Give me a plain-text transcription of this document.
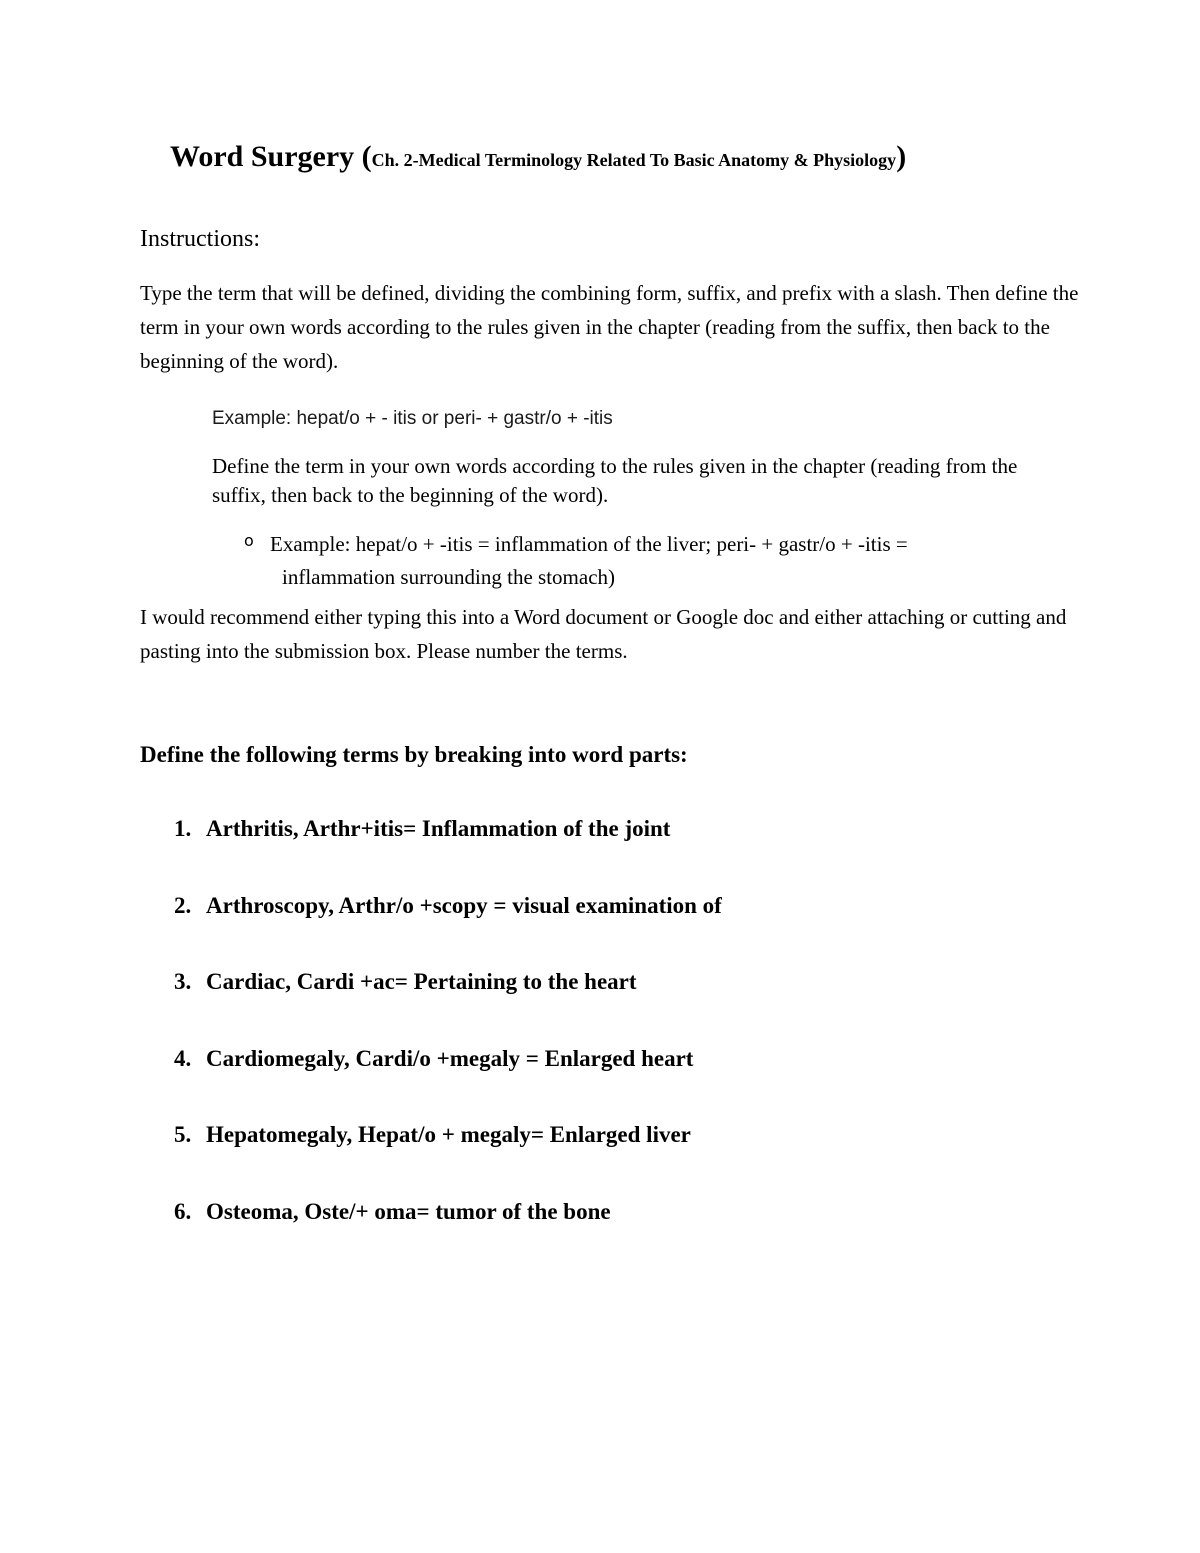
Word Surgery (Ch. 2-Medical Terminology Related To Basic Anatomy & Physiology)
Instructions:

Type the term that will be defined, dividing the combining form, suffix, and prefix with a slash. Then define the term in your own words according to the rules given in the chapter (reading from the suffix, then back to the beginning of the word).

Example: hepat/o + - itis or peri- + gastr/o + -itis

Define the term in your own words according to the rules given in the chapter (reading from the suffix, then back to the beginning of the word).

o Example: hepat/o + -itis = inflammation of the liver; peri- + gastr/o + -itis =
inflammation surrounding the stomach)

I would recommend either typing this into a Word document or Google doc and either attaching or cutting and pasting into the submission box. Please number the terms.

Define the following terms by breaking into word parts:
1. Arthritis, Arthr+itis= Inflammation of the joint
2. Arthroscopy, Arthr/o +scopy = visual examination of
3. Cardiac, Cardi +ac= Pertaining to the heart
4. Cardiomegaly, Cardi/o +megaly = Enlarged heart
5. Hepatomegaly, Hepat/o + megaly= Enlarged liver
6. Osteoma, Oste/+ oma= tumor of the bone
